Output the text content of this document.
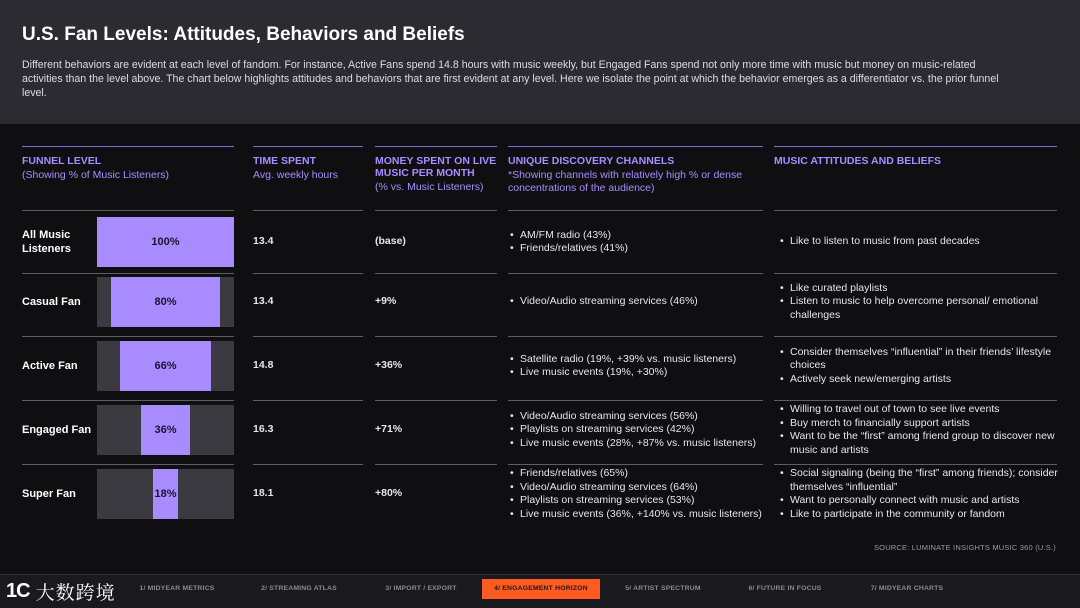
U.S. Fan Levels: Attitudes, Behaviors and Beliefs
Different behaviors are evident at each level of fandom. For instance, Active Fans spend 14.8 hours with music weekly, but Engaged Fans spend not only more time with music but money on music-related activities than the level above. The chart below highlights attitudes and behaviors that are first evident at any level. Here we isolate the point at which the behavior emerges as a differentiator vs. the prior funnel level.
FUNNEL LEVEL
(Showing % of Music Listeners)
TIME SPENT
Avg. weekly hours
MONEY SPENT ON LIVE MUSIC PER MONTH
(% vs. Music Listeners)
UNIQUE DISCOVERY CHANNELS
*Showing channels with relatively high % or dense concentrations of the audience)
MUSIC ATTITUDES AND BELIEFS
All Music Listeners
100%	13.4	(base)
• AM/FM radio (43%)
• Friends/relatives (41%)
• Like to listen to music from past decades
Casual Fan	80%	13.4	+9%
•	Video/Audio streaming services (46%)
• Like curated playlists
• Listen to music to help overcome personal/ emotional challenges
Active Fan	66%	14.8	+36%
• Satellite radio (19%, +39% vs. music listeners)
• Live music events (19%, +30%)
• Consider themselves “influential” in their friends’ lifestyle choices
• Actively seek new/emerging artists
Engaged Fan	36%	16.3	+71%
• Video/Audio streaming services (56%)
• Playlists on streaming services (42%)
• Live music events (28%, +87% vs. music listeners)
• Willing to travel out of town to see live events
• Buy merch to financially support artists
• Want to be the “first” among friend group to discover new music and artists
Super Fan	18%	18.1	+80%
• Friends/relatives (65%)
• Video/Audio streaming services (64%)
• Playlists on streaming services (53%)
• Live music events (36%, +140% vs. music listeners)
• Social signaling (being the “first” among friends); consider themselves “influential”
• Want to personally connect with music and artists
• Like to participate in the community or fandom
SOURCE: LUMINATE INSIGHTS MUSIC 360 (U.S.)
1C 大数跨境	1/ MIDYEAR METRICS	2/ STREAMING ATLAS	3/ IMPORT / EXPORT	4/ ENGAGEMENT HORIZON	5/ ARTIST SPECTRUM	6/ FUTURE IN FOCUS	7/ MIDYEAR CHARTS
